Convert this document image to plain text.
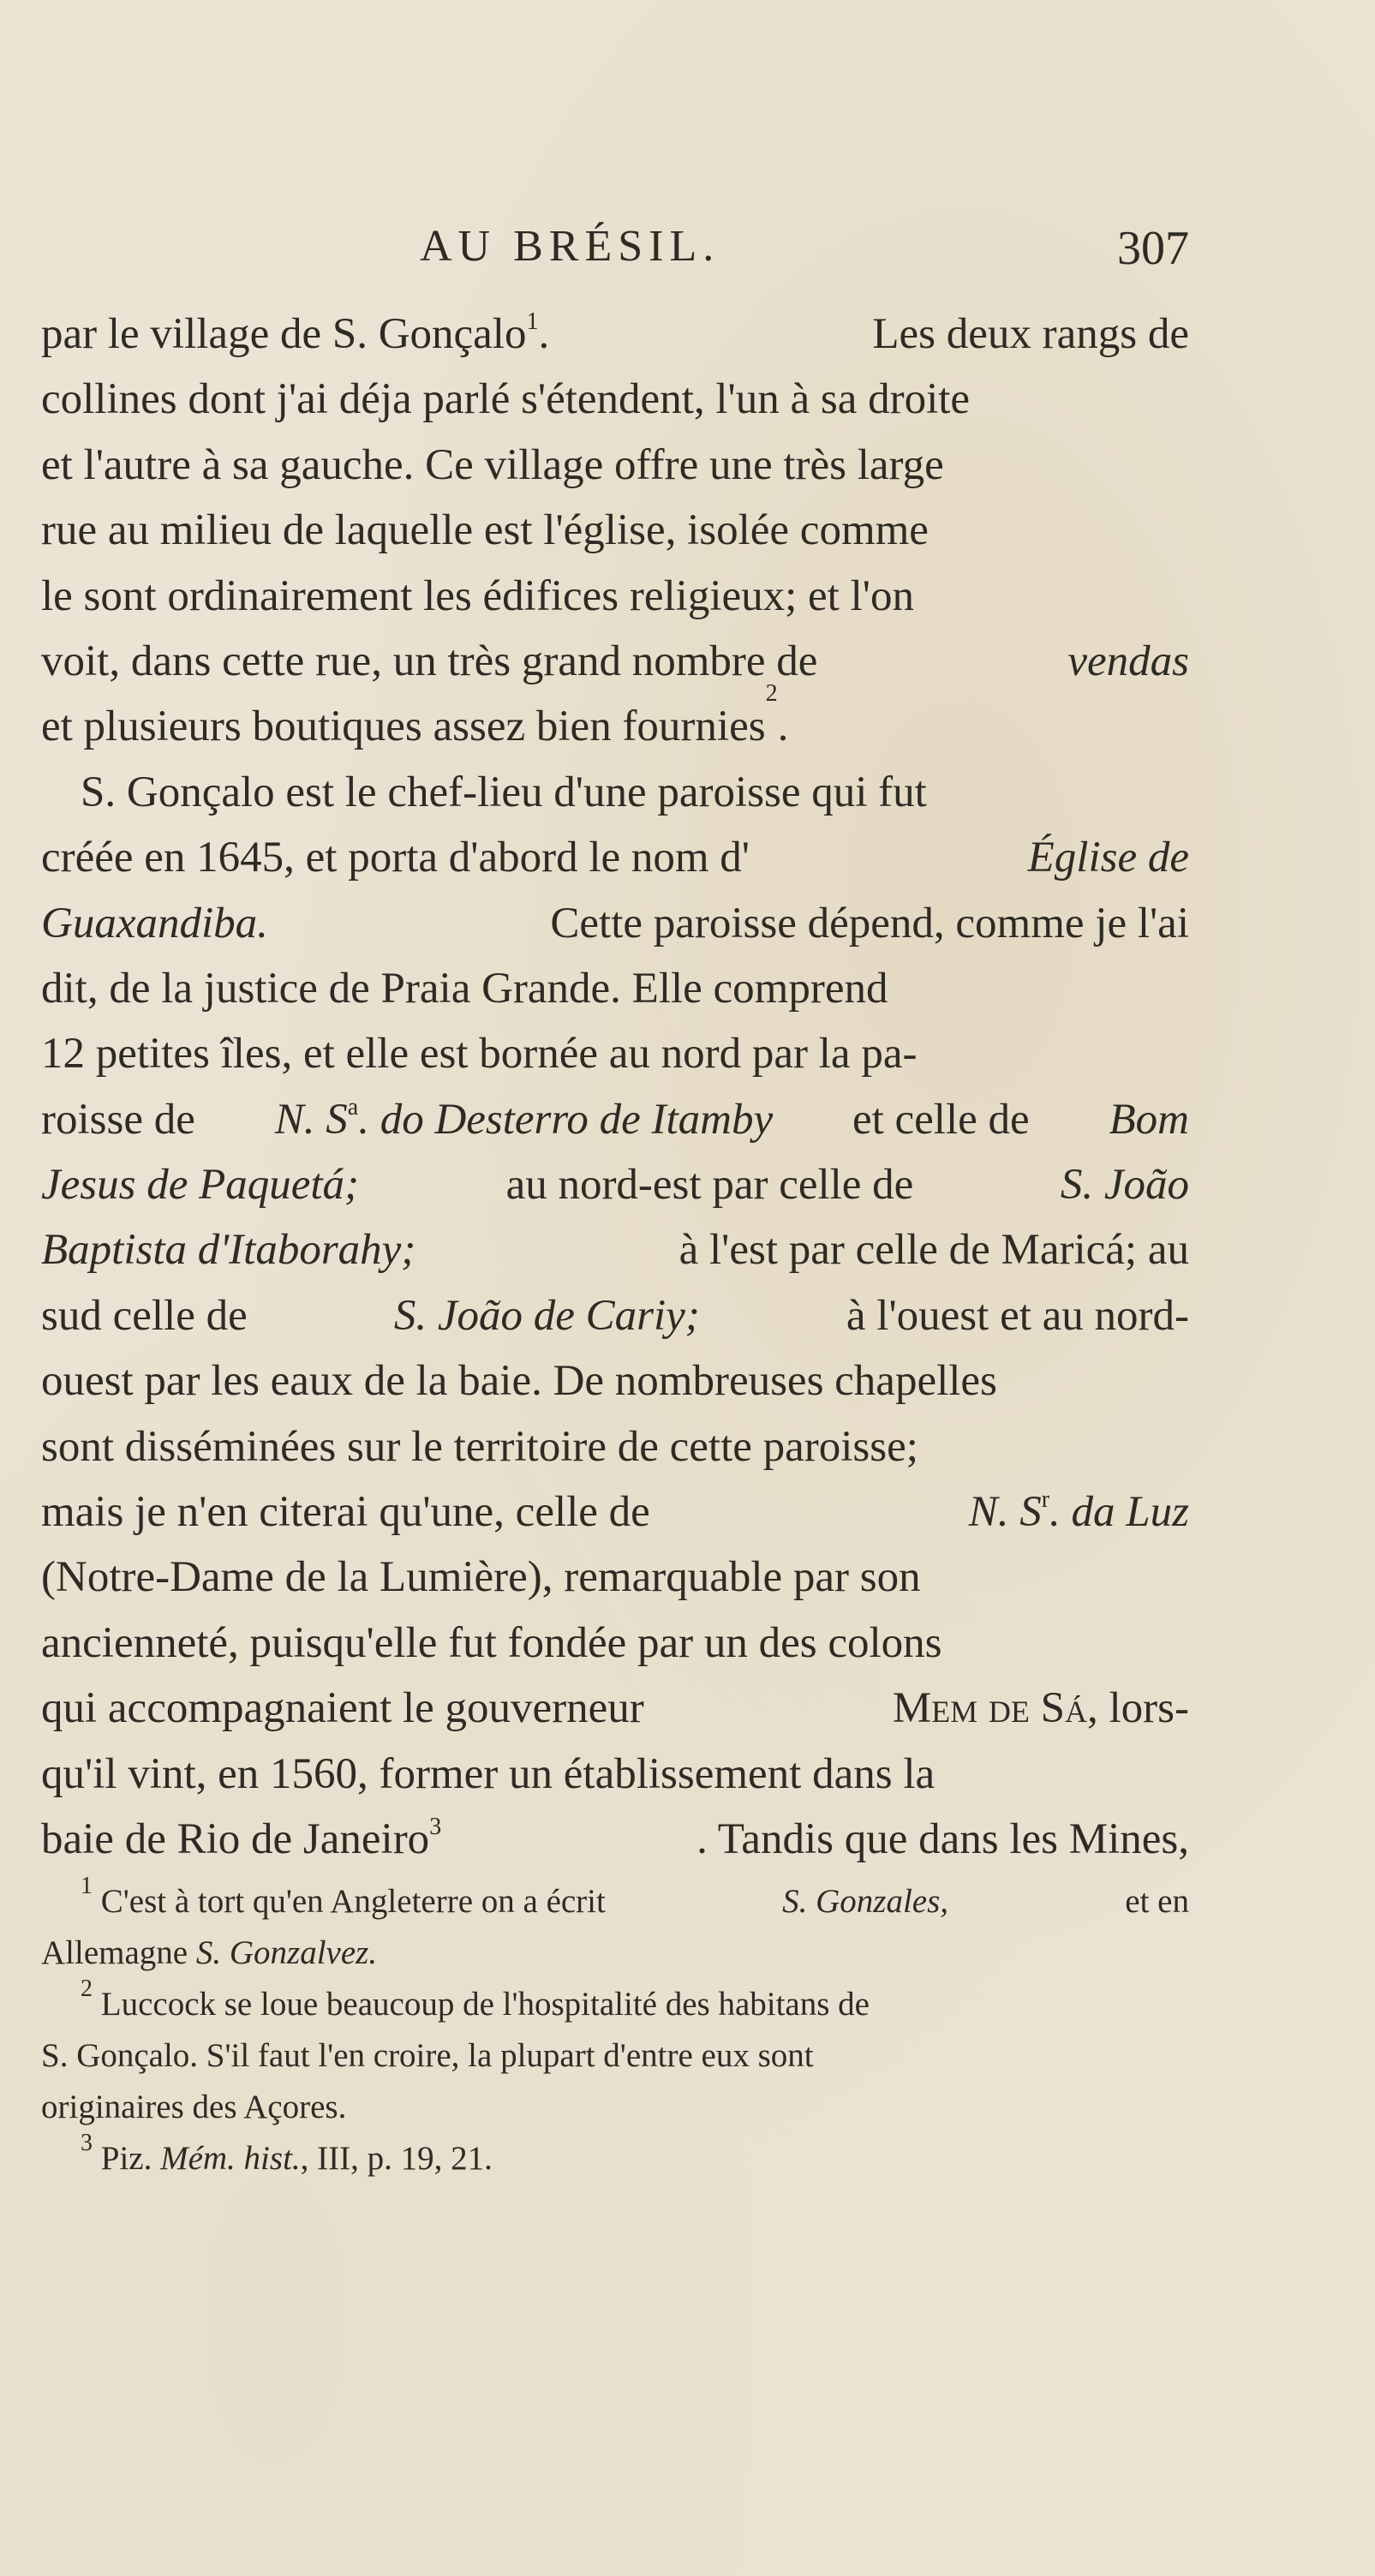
AU BRÉSIL.	307
par le village de S. Gonçalo$^1$.	Les deux rangs de
collines dont j'ai déja parlé s'étendent, l'un à sa droite
et l'autre à sa gauche. Ce village offre une très large
rue au milieu de laquelle est l'église, isolée comme
le sont ordinairement les édifices religieux; et l'on
voit, dans cette rue, un très grand nombre de	vendas
et plusieurs boutiques assez bien fournies
2
.
S. Gonçalo est le chef-lieu d'une paroisse qui fut
créée en 1645, et porta d'abord le nom d'	Église de
Guaxandiba.	Cette paroisse dépend, comme je l'ai
dit, de la justice de Praia Grande. Elle comprend
12 petites îles, et elle est bornée au nord par la pa-
roisse de N. $S^a$. do Desterro de Itamby et celle de Bom
Jesus de Paquetá;	au nord-est par celle de	S. João
Baptista d'Itaborahy;	à l'est par celle de Maricá; au
sud celle de	S. João de Cariy;	à l'ouest et au nord-
ouest par les eaux de la baie. De nombreuses chapelles
sont disséminées sur le territoire de cette paroisse;
mais je n'en citerai qu'une, celle de	N. $S^r$. da Luz
(Notre-Dame de la Lumière), remarquable par son
ancienneté, puisqu'elle fut fondée par un des colons
qui accompagnaient le gouverneur	Mem de Sá, lors-
qu'il vint, en 1560, former un établissement dans la
baie de Rio de Janeiro$^3$	. Tandis que dans les Mines,
$^1$ C'est à tort qu'en Angleterre on a écrit	S. Gonzales,	et en
Allemagne S. Gonzalvez.
$^2$ Luccock se loue beaucoup de l'hospitalité des habitans de
S. Gonçalo. S'il faut l'en croire, la plupart d'entre eux sont
originaires des Açores.
$^3$ Piz. Mém. hist., III, p. 19, 21.
